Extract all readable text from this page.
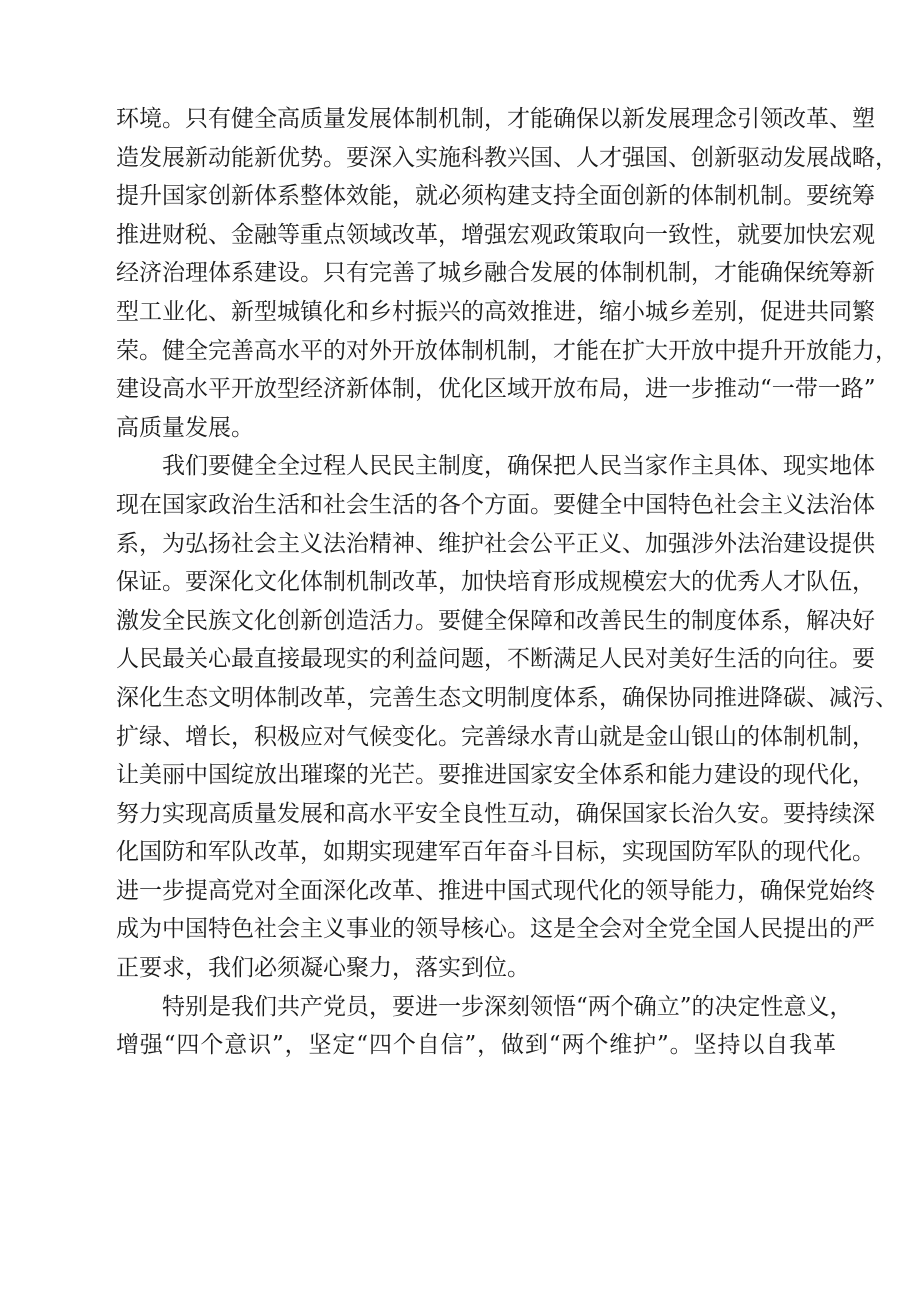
环境。只有健全高质量发展体制机制，才能确保以新发展理念引领改革、塑
造发展新动能新优势。要深入实施科教兴国、人才强国、创新驱动发展战略，
提升国家创新体系整体效能，就必须构建支持全面创新的体制机制。要统筹
推进财税、金融等重点领域改革，增强宏观政策取向一致性，就要加快宏观
经济治理体系建设。只有完善了城乡融合发展的体制机制，才能确保统筹新
型工业化、新型城镇化和乡村振兴的高效推进，缩小城乡差别，促进共同繁
荣。健全完善高水平的对外开放体制机制，才能在扩大开放中提升开放能力，
建设高水平开放型经济新体制，优化区域开放布局，进一步推动“一带一路”
高质量发展。
我们要健全全过程人民民主制度，确保把人民当家作主具体、现实地体
现在国家政治生活和社会生活的各个方面。要健全中国特色社会主义法治体
系，为弘扬社会主义法治精神、维护社会公平正义、加强涉外法治建设提供
保证。要深化文化体制机制改革，加快培育形成规模宏大的优秀人才队伍，
激发全民族文化创新创造活力。要健全保障和改善民生的制度体系，解决好
人民最关心最直接最现实的利益问题，不断满足人民对美好生活的向往。要
深化生态文明体制改革，完善生态文明制度体系，确保协同推进降碳、减污、
扩绿、增长，积极应对气候变化。完善绿水青山就是金山银山的体制机制，
让美丽中国绽放出璀璨的光芒。要推进国家安全体系和能力建设的现代化，
努力实现高质量发展和高水平安全良性互动，确保国家长治久安。要持续深
化国防和军队改革，如期实现建军百年奋斗目标，实现国防军队的现代化。
进一步提高党对全面深化改革、推进中国式现代化的领导能力，确保党始终
成为中国特色社会主义事业的领导核心。这是全会对全党全国人民提出的严
正要求，我们必须凝心聚力，落实到位。
特别是我们共产党员，要进一步深刻领悟“两个确立”的决定性意义，
增强“四个意识”，坚定“四个自信”，做到“两个维护”。坚持以自我革
